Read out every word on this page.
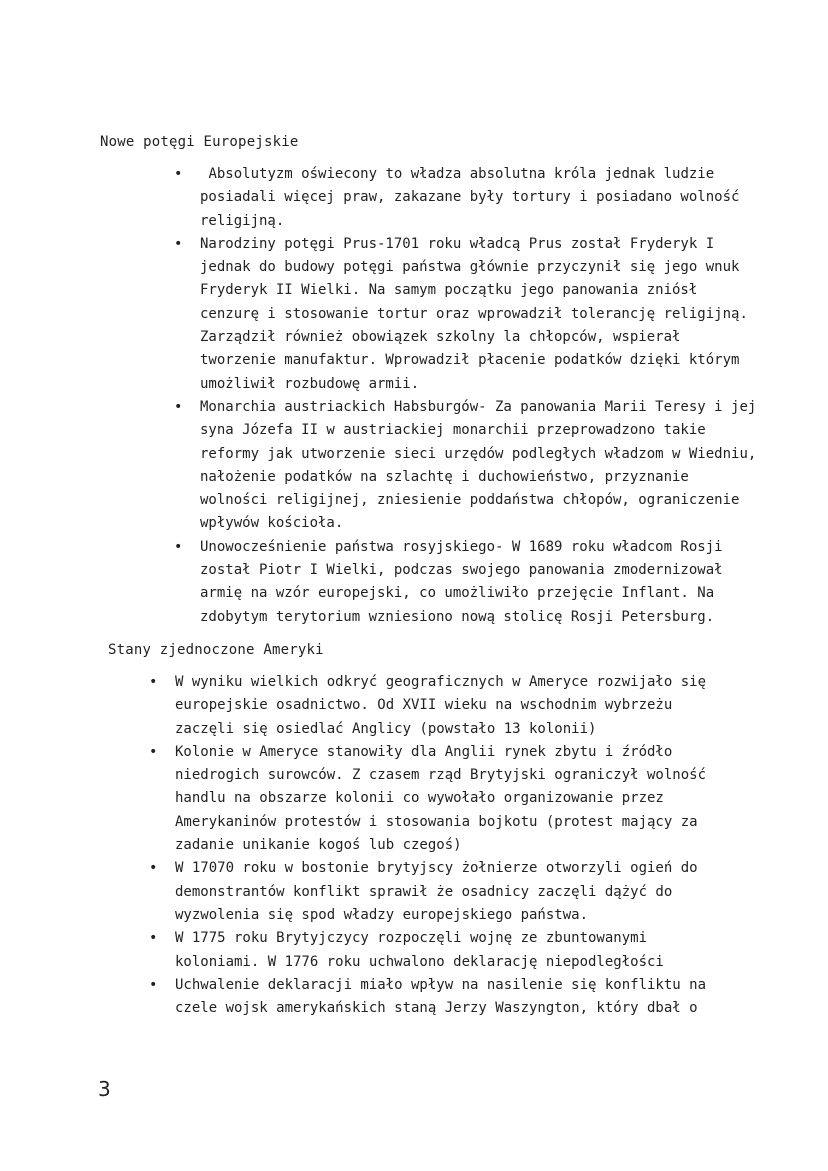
Nowe potęgi Europejskie
• Absolutyzm oświecony to władza absolutna króla jednak ludzie posiadali więcej praw, zakazane były tortury i posiadano wolność religijną.
• Narodziny potęgi Prus-1701 roku władcą Prus został Fryderyk I jednak do budowy potęgi państwa głównie przyczynił się jego wnuk Fryderyk II Wielki. Na samym początku jego panowania zniósł cenzurę i stosowanie tortur oraz wprowadził tolerancję religijną. Zarządził również obowiązek szkolny la chłopców, wspierał tworzenie manufaktur. Wprowadził płacenie podatków dzięki którym umożliwił rozbudowę armii.
• Monarchia austriackich Habsburgów- Za panowania Marii Teresy i jej syna Józefa II w austriackiej monarchii przeprowadzono takie reformy jak utworzenie sieci urzędów podległych władzom w Wiedniu, nałożenie podatków na szlachtę i duchowieństwo, przyznanie wolności religijnej, zniesienie poddaństwa chłopów, ograniczenie wpływów kościoła.
• Unowocześnienie państwa rosyjskiego- W 1689 roku władcom Rosji został Piotr I Wielki, podczas swojego panowania zmodernizował armię na wzór europejski, co umożliwiło przejęcie Inflant. Na zdobytym terytorium wzniesiono nową stolicę Rosji Petersburg.
Stany zjednoczone Ameryki
• W wyniku wielkich odkryć geograficznych w Ameryce rozwijało się europejskie osadnictwo. Od XVII wieku na wschodnim wybrzeżu zaczęli się osiedlać Anglicy (powstało 13 kolonii)
• Kolonie w Ameryce stanowiły dla Anglii rynek zbytu i źródło niedrogich surowców. Z czasem rząd Brytyjski ograniczył wolność handlu na obszarze kolonii co wywołało organizowanie przez Amerykaninów protestów i stosowania bojkotu (protest mający za zadanie unikanie kogoś lub czegoś)
• W 17070 roku w bostonie brytyjscy żołnierze otworzyli ogień do demonstrantów konflikt sprawił że osadnicy zaczęli dążyć do wyzwolenia się spod władzy europejskiego państwa.
• W 1775 roku Brytyjczycy rozpoczęli wojnę ze zbuntowanymi koloniami. W 1776 roku uchwalono deklarację niepodległości
• Uchwalenie deklaracji miało wpływ na nasilenie się konfliktu na czele wojsk amerykańskich staną Jerzy Waszyngton, który dbał o
3
